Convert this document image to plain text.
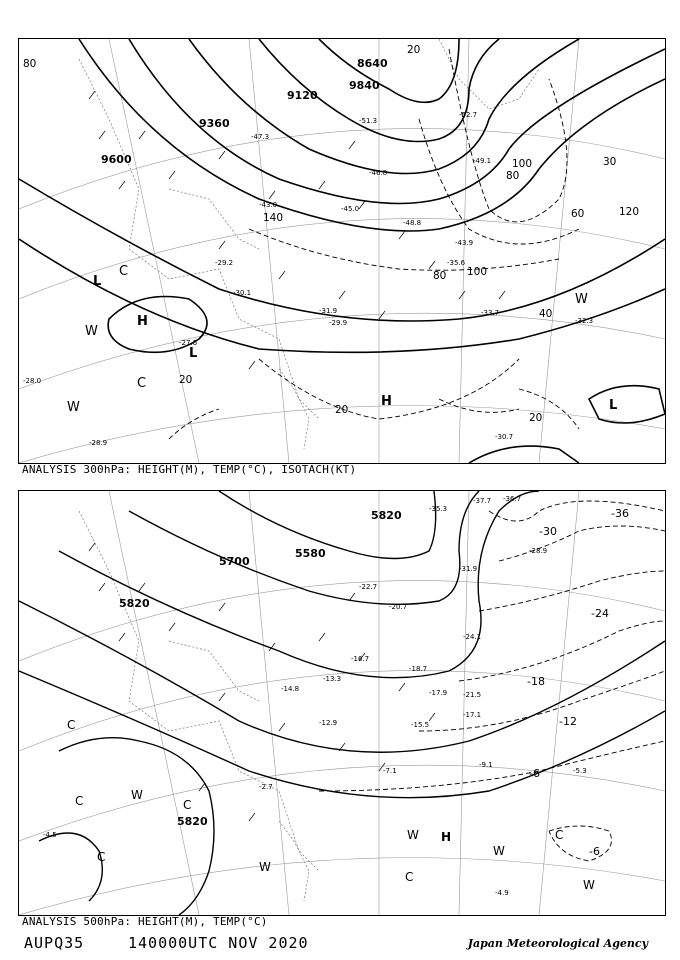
8640
9120
9360
9600
9840
80
20
100
80
100
80
40
60
20
20
20
140	120
30
H
L
L
H
L
W
C
C
W
W
-47.3
-45.0
-43.0
-33.7
-32.3
-31.9
-30.1
-29.9
-29.2
-28.0
-27.6
-30.7
-28.9
-49.1
-51.3
-52.7
-46.8
-48.8
-43.9
-35.6
ANALYSIS 300hPa: HEIGHT(M), TEMP(°C), ISOTACH(KT)
5820
5700
5580
5820
5820
-36
-30
-24
-18
-12
-6
-6
H
W
C
W
C
C	W
C
W
C
C
W
-37.7 -36.7
-35.3
-31.9
-28.9
-24.1
-21.5
-17.1
-15.5
-12.9
-9.1
-7.1	-5.3
-4.9
-4.5
-2.7
-22.7
-20.7
-18.7
-17.9
-16.7
-14.8
-13.3
ANALYSIS 500hPa: HEIGHT(M), TEMP(°C)
AUPQ35	140000UTC NOV 2020	Japan Meteorological Agency
